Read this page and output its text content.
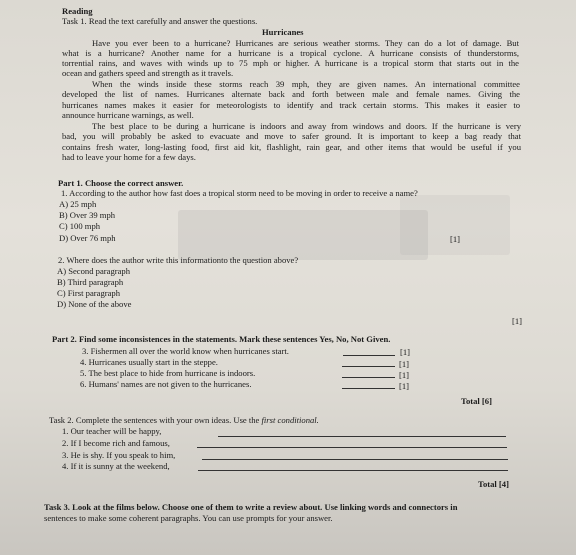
Reading
Task 1. Read the text carefully and answer the questions.
Hurricanes
Have you ever been to a hurricane? Hurricanes are serious weather storms. They can do a lot of damage. But
what is a hurricane? Another name for a hurricane is a tropical cyclone. A hurricane consists of thunderstorms,
torrential rains, and waves with winds up to 75 mph or higher. A hurricane is a tropical storm that starts out in the
ocean and gathers speed and strength as it travels.
When the winds inside these storms reach 39 mph, they are given names. An international committee
developed the list of names. Hurricanes alternate back and forth between male and female names. Giving the
hurricanes names makes it easier for meteorologists to identify and track certain storms. This makes it easier to
announce hurricane warnings, as well.
The best place to be during a hurricane is indoors and away from windows and doors. If the hurricane is very
bad, you will probably be asked to evacuate and move to safer ground. It is important to keep a bag ready that
contains fresh water, long-lasting food, first aid kit, flashlight, rain gear, and other items that would be useful if you
had to leave your home for a few days.
Part 1. Choose the correct answer.
1. According to the author how fast does a tropical storm need to be moving in order to receive a name?
A) 25 mph
B) Over 39 mph
C) 100 mph
D) Over 76 mph	[1]
2. Where does the author write this informationto the question above?
A) Second paragraph
B) Third paragraph
C) First paragraph
D) None of the above
[1]
Part 2. Find some inconsistences in the statements. Mark these sentences Yes, No, Not Given.
3. Fishermen all over the world know when hurricanes start.
4. Hurricanes usually start in the steppe.
5. The best place to hide from hurricane is indoors.
6. Humans' names are not given to the hurricanes.
[1]
[1]
[1]
[1]
Total [6]
Task 2. Complete the sentences with your own ideas. Use the first conditional.
1. Our teacher will be happy,
2. If I become rich and famous,
3. He is shy. If you speak to him,
4. If it is sunny at the weekend,
Total [4]
Task 3. Look at the films below. Choose one of them to write a review about. Use linking words and connectors in
sentences to make some coherent paragraphs. You can use prompts for your answer.
